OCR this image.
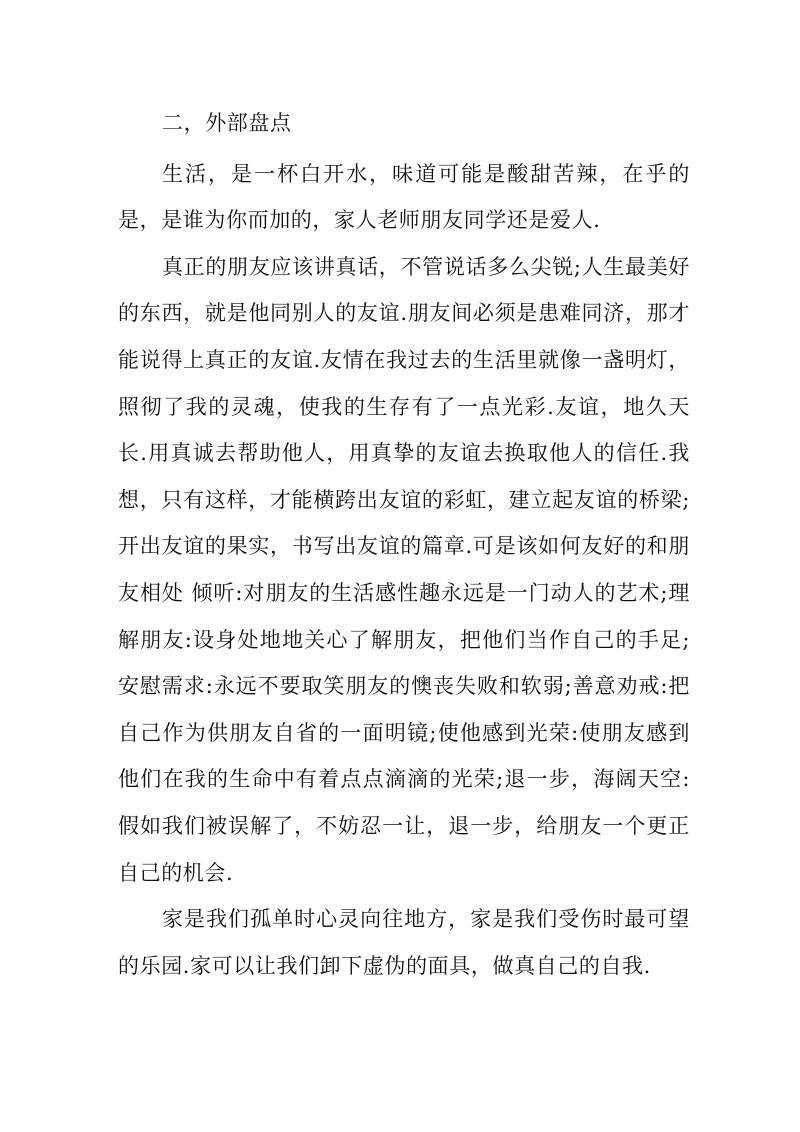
二，外部盘点

生活，是一杯白开水，味道可能是酸甜苦辣，在乎的是，是谁为你而加的，家人老师朋友同学还是爱人.

真正的朋友应该讲真话，不管说话多么尖锐;人生最美好的东西，就是他同别人的友谊.朋友间必须是患难同济，那才能说得上真正的友谊.友情在我过去的生活里就像一盏明灯，照彻了我的灵魂，使我的生存有了一点光彩.友谊，地久天长.用真诚去帮助他人，用真挚的友谊去换取他人的信任.我想，只有这样，才能横跨出友谊的彩虹，建立起友谊的桥梁;开出友谊的果实，书写出友谊的篇章.可是该如何友好的和朋友相处 倾听:对朋友的生活感性趣永远是一门动人的艺术;理解朋友:设身处地地关心了解朋友，把他们当作自己的手足;安慰需求:永远不要取笑朋友的懊丧失败和软弱;善意劝戒:把自己作为供朋友自省的一面明镜;使他感到光荣:使朋友感到他们在我的生命中有着点点滴滴的光荣;退一步，海阔天空:假如我们被误解了，不妨忍一让，退一步，给朋友一个更正自己的机会.

家是我们孤单时心灵向往地方，家是我们受伤时最可望的乐园.家可以让我们卸下虚伪的面具，做真自己的自我.
